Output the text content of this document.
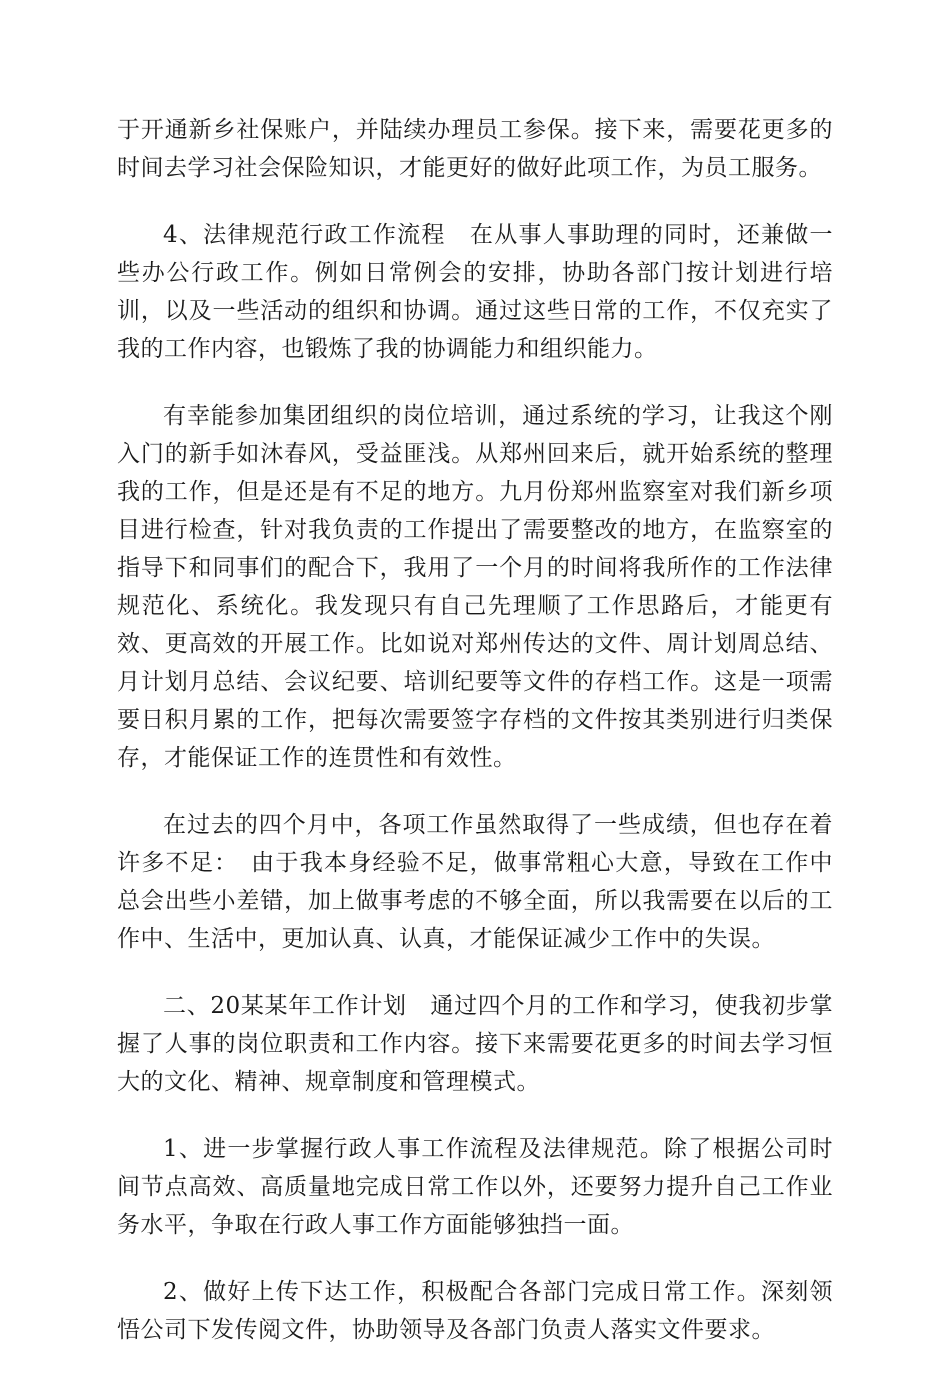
于开通新乡社保账户，并陆续办理员工参保。接下来，需要花更多的时间去学习社会保险知识，才能更好的做好此项工作，为员工服务。

4、法律规范行政工作流程　在从事人事助理的同时，还兼做一些办公行政工作。例如日常例会的安排，协助各部门按计划进行培训，以及一些活动的组织和协调。通过这些日常的工作，不仅充实了我的工作内容，也锻炼了我的协调能力和组织能力。

有幸能参加集团组织的岗位培训，通过系统的学习，让我这个刚入门的新手如沐春风，受益匪浅。从郑州回来后，就开始系统的整理我的工作，但是还是有不足的地方。九月份郑州监察室对我们新乡项目进行检查，针对我负责的工作提出了需要整改的地方，在监察室的指导下和同事们的配合下，我用了一个月的时间将我所作的工作法律规范化、系统化。我发现只有自己先理顺了工作思路后，才能更有效、更高效的开展工作。比如说对郑州传达的文件、周计划周总结、月计划月总结、会议纪要、培训纪要等文件的存档工作。这是一项需要日积月累的工作，把每次需要签字存档的文件按其类别进行归类保存，才能保证工作的连贯性和有效性。

在过去的四个月中，各项工作虽然取得了一些成绩，但也存在着许多不足：　由于我本身经验不足，做事常粗心大意，导致在工作中总会出些小差错，加上做事考虑的不够全面，所以我需要在以后的工作中、生活中，更加认真、认真，才能保证减少工作中的失误。

二、20某某年工作计划　通过四个月的工作和学习，使我初步掌握了人事的岗位职责和工作内容。接下来需要花更多的时间去学习恒大的文化、精神、规章制度和管理模式。

1、进一步掌握行政人事工作流程及法律规范。除了根据公司时间节点高效、高质量地完成日常工作以外，还要努力提升自己工作业务水平，争取在行政人事工作方面能够独挡一面。

2、做好上传下达工作，积极配合各部门完成日常工作。深刻领悟公司下发传阅文件，协助领导及各部门负责人落实文件要求。
